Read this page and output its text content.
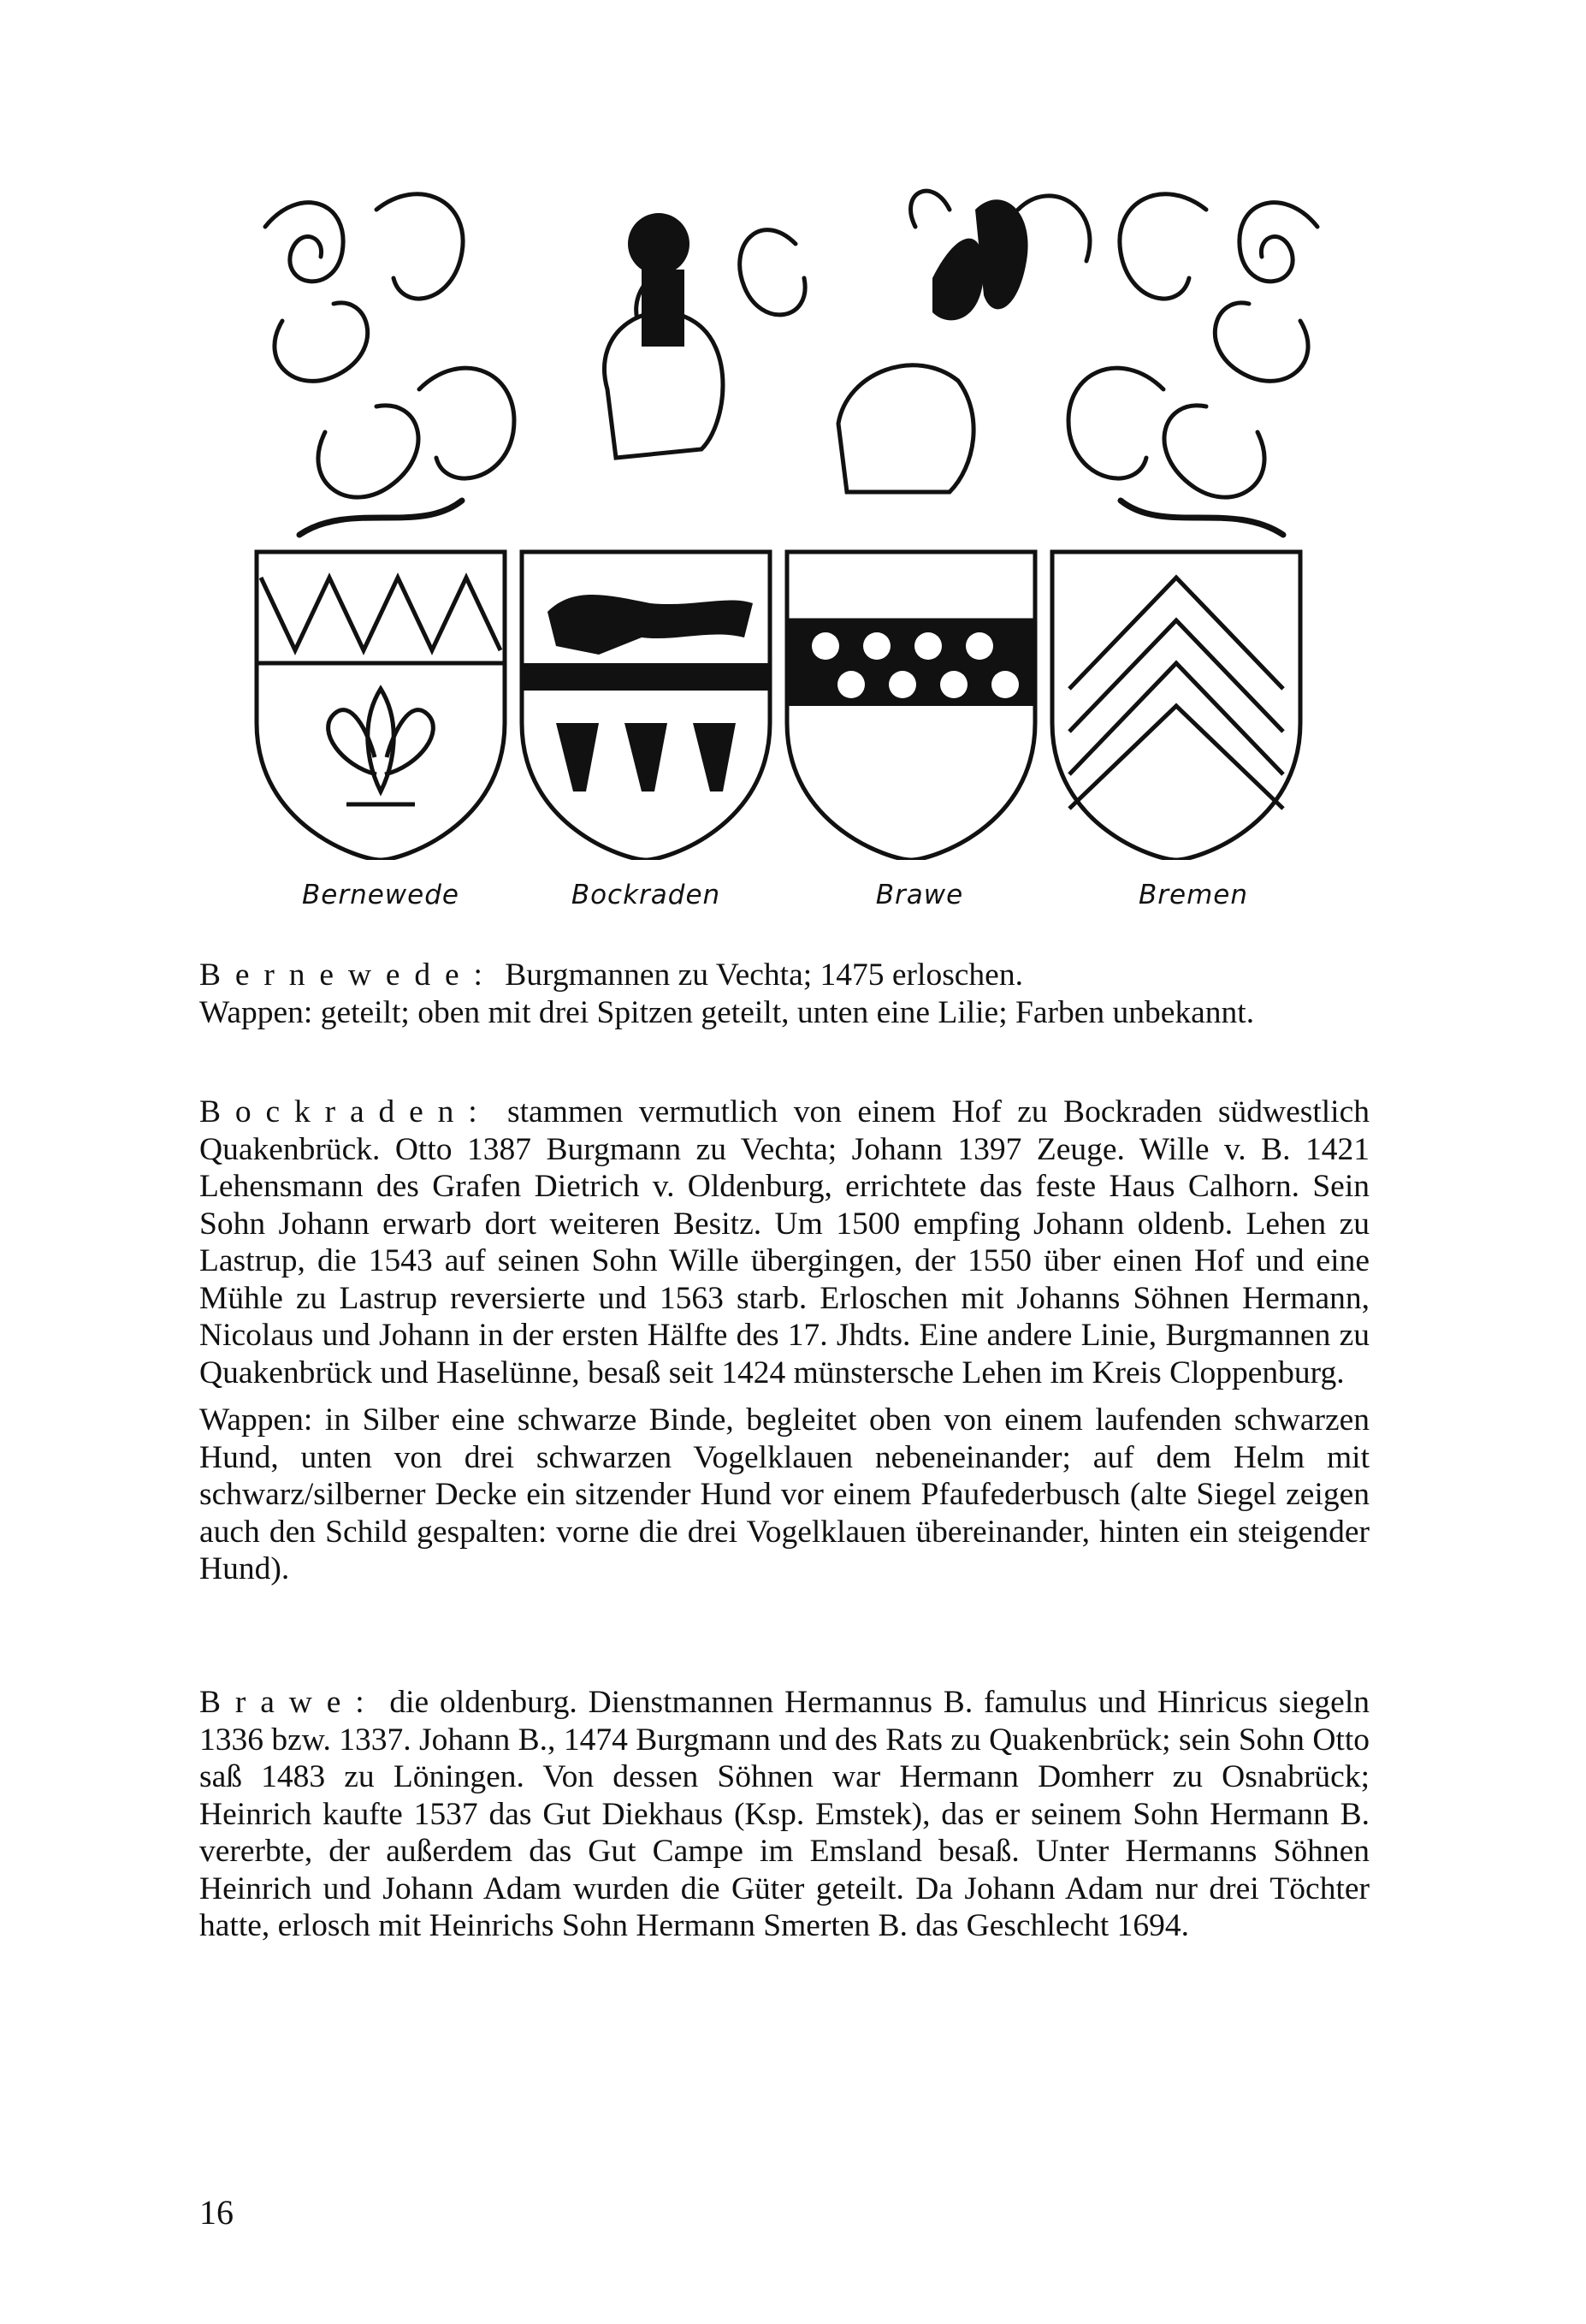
Bernewede	Bockraden	Brawe	Bremen

Bernewede: Burgmannen zu Vechta; 1475 erloschen.

Wappen: geteilt; oben mit drei Spitzen geteilt, unten eine Lilie; Farben unbekannt.

Bockraden: stammen vermutlich von einem Hof zu Bockraden südwestlich Quakenbrück. Otto 1387 Burgmann zu Vechta; Johann 1397 Zeuge. Wille v. B. 1421 Lehensmann des Grafen Dietrich v. Oldenburg, errichtete das feste Haus Calhorn. Sein Sohn Johann erwarb dort weiteren Besitz. Um 1500 empfing Johann oldenb. Lehen zu Lastrup, die 1543 auf seinen Sohn Wille übergingen, der 1550 über einen Hof und eine Mühle zu Lastrup reversierte und 1563 starb. Erloschen mit Johanns Söhnen Hermann, Nicolaus und Johann in der ersten Hälfte des 17. Jhdts. Eine andere Linie, Burgmannen zu Quakenbrück und Haselünne, besaß seit 1424 münstersche Lehen im Kreis Cloppenburg.

Wappen: in Silber eine schwarze Binde, begleitet oben von einem laufenden schwarzen Hund, unten von drei schwarzen Vogelklauen nebeneinander; auf dem Helm mit schwarz/silberner Decke ein sitzender Hund vor einem Pfaufederbusch (alte Siegel zeigen auch den Schild gespalten: vorne die drei Vogelklauen übereinander, hinten ein steigender Hund).

Brawe: die oldenburg. Dienstmannen Hermannus B. famulus und Hinricus siegeln 1336 bzw. 1337. Johann B., 1474 Burgmann und des Rats zu Quakenbrück; sein Sohn Otto saß 1483 zu Löningen. Von dessen Söhnen war Hermann Domherr zu Osnabrück; Heinrich kaufte 1537 das Gut Diekhaus (Ksp. Emstek), das er seinem Sohn Hermann B. vererbte, der außerdem das Gut Campe im Emsland besaß. Unter Hermanns Söhnen Heinrich und Johann Adam wurden die Güter geteilt. Da Johann Adam nur drei Töchter hatte, erlosch mit Heinrichs Sohn Hermann Smerten B. das Geschlecht 1694.

16
